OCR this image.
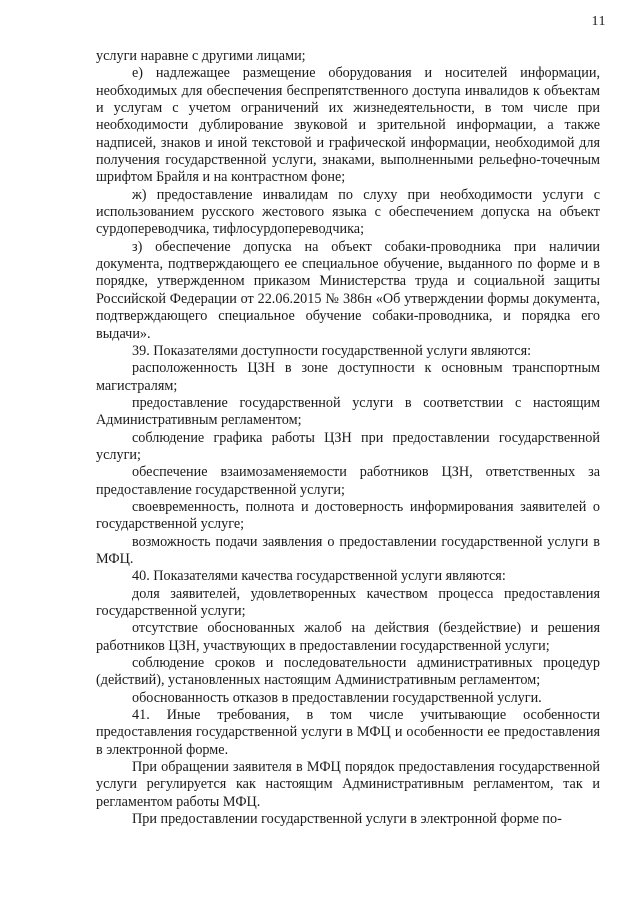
11

услуги наравне с другими лицами;

е) надлежащее размещение оборудования и носителей информации, необходимых для обеспечения беспрепятственного доступа инвалидов к объектам и услугам с учетом ограничений их жизнедеятельности, в том числе при необходимости дублирование звуковой и зрительной информации, а также надписей, знаков и иной текстовой и графической информации, необходимой для получения государственной услуги, знаками, выполненными рельефно-точечным шрифтом Брайля и на контрастном фоне;

ж) предоставление инвалидам по слуху при необходимости услуги с использованием русского жестового языка с обеспечением допуска на объект сурдопереводчика, тифлосурдопереводчика;

з) обеспечение допуска на объект собаки-проводника при наличии документа, подтверждающего ее специальное обучение, выданного по форме и в порядке, утвержденном приказом Министерства труда и социальной защиты Российской Федерации от 22.06.2015 № 386н «Об утверждении формы документа, подтверждающего специальное обучение собаки-проводника, и порядка его выдачи».

39. Показателями доступности государственной услуги являются:

расположенность ЦЗН в зоне доступности к основным транспортным магистралям;

предоставление государственной услуги в соответствии с настоящим Административным регламентом;

соблюдение графика работы ЦЗН при предоставлении государственной услуги;

обеспечение взаимозаменяемости работников ЦЗН, ответственных за предоставление государственной услуги;

своевременность, полнота и достоверность информирования заявителей о государственной услуге;

возможность подачи заявления о предоставлении государственной услуги в МФЦ.

40. Показателями качества государственной услуги являются:

доля заявителей, удовлетворенных качеством процесса предоставления государственной услуги;

отсутствие обоснованных жалоб на действия (бездействие) и решения работников ЦЗН, участвующих в предоставлении государственной услуги;

соблюдение сроков и последовательности административных процедур (действий), установленных настоящим Административным регламентом;

обоснованность отказов в предоставлении государственной услуги.

41. Иные требования, в том числе учитывающие особенности предоставления государственной услуги в МФЦ и особенности ее предоставления в электронной форме.

При обращении заявителя в МФЦ порядок предоставления государственной услуги регулируется как настоящим Административным регламентом, так и регламентом работы МФЦ.

При предоставлении государственной услуги в электронной форме по-
